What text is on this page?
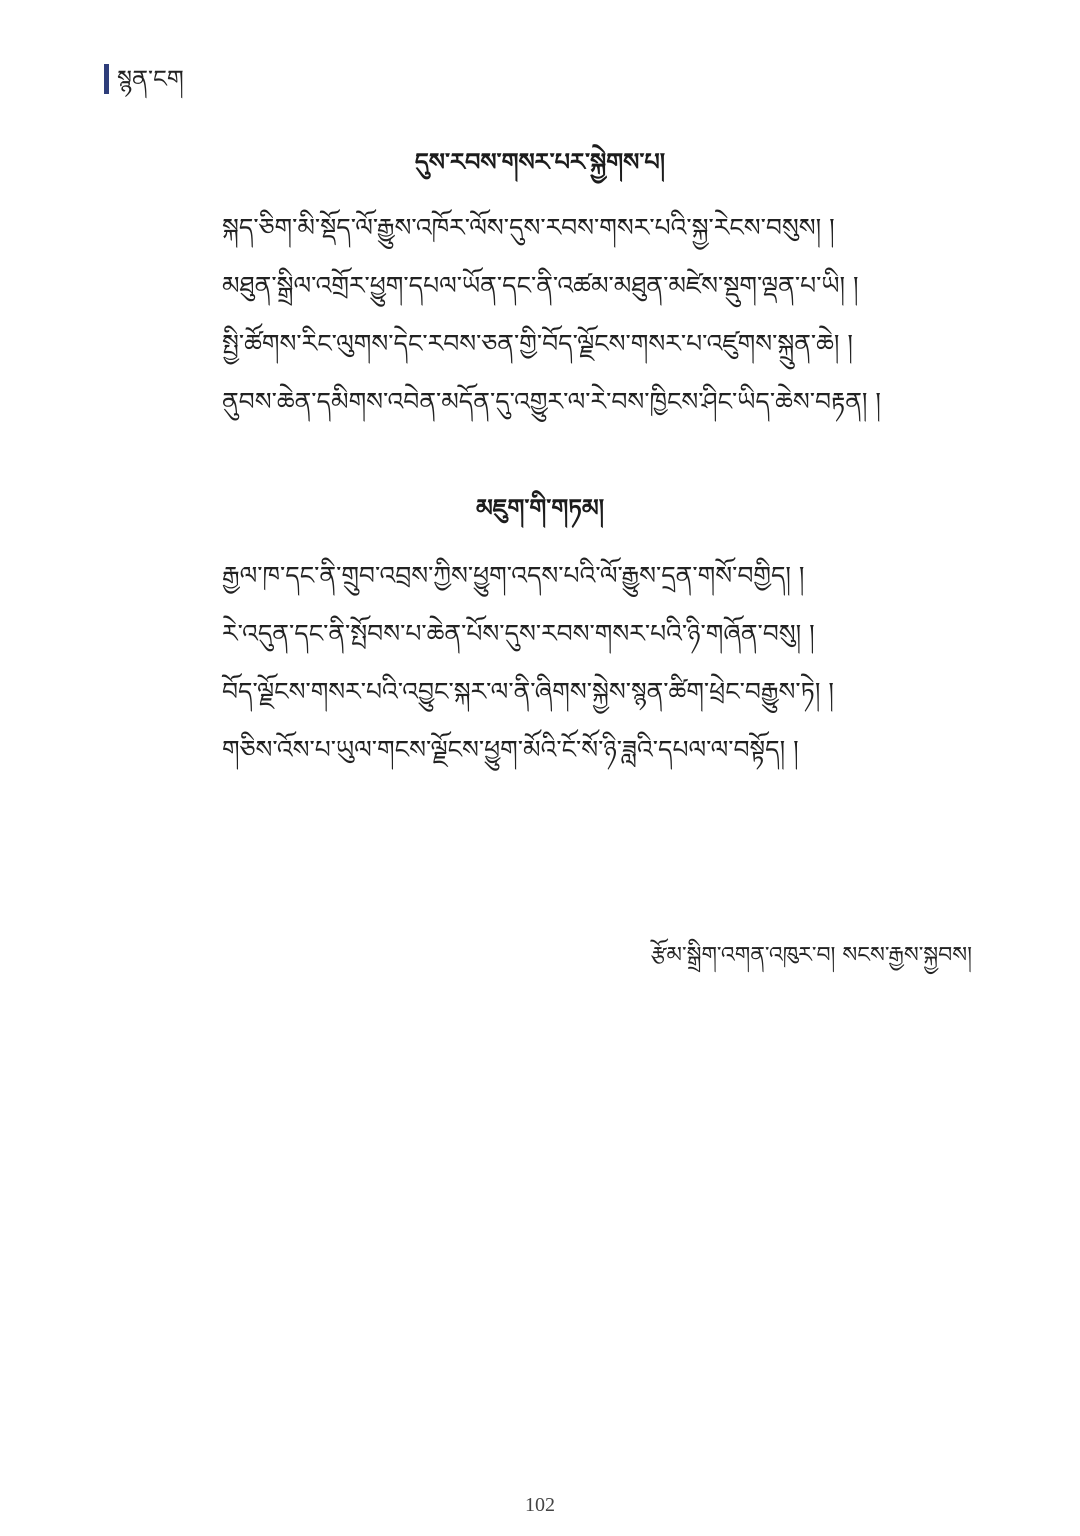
སྙན་ངག
དུས་རབས་གསར་པར་སྐྱེགས་པ།
སྐད་ཅིག་མི་སྡོད་ལོ་རྒྱུས་འཁོར་ལོས་དུས་རབས་གསར་པའི་སྐྱ་རེངས་བསུས། །
མཐུན་སྒྲིལ་འགྲོར་ཕྱུག་དཔལ་ཡོན་དང་ནི་འཚམ་མཐུན་མཛེས་སྡུག་ལྡན་པ་ཡི། །
སྤྱི་ཚོགས་རིང་ལུགས་དེང་རབས་ཅན་གྱི་བོད་ལྗོངས་གསར་པ་འཛུགས་སྐྲུན་ཆེ། །
ནུབས་ཆེན་དམིགས་འབེན་མདོན་དུ་འགྱུར་ལ་རེ་བས་ཁྱིངས་ཤིང་ཡིད་ཆེས་བརྟན། །
མཇུག་གི་གཏམ།
རྒྱལ་ཁ་དང་ནི་གྲུབ་འབྲས་ཀྱིས་ཕྱུག་འདས་པའི་ལོ་རྒྱུས་དྲན་གསོ་བགྱིད། །
རེ་འདུན་དང་ནི་སྤོབས་པ་ཆེན་པོས་དུས་རབས་གསར་པའི་ཉི་གཞོན་བསུ། །
བོད་ལྗོངས་གསར་པའི་འབྱུང་སྐར་ལ་ནི་ཞིགས་སྐྱེས་སྙན་ཚིག་ཕྲེང་བརྒྱུས་ཏེ། །
གཅིས་འོས་པ་ཡུལ་གངས་ལྗོངས་ཕྱུག་མོའི་ངོ་སོ་ཉི་ཟླའི་དཔལ་ལ་བསྟོད། །
རྩོམ་སྒྲིག་འགན་འཁུར་བ། སངས་རྒྱས་སྐྱབས།
102
